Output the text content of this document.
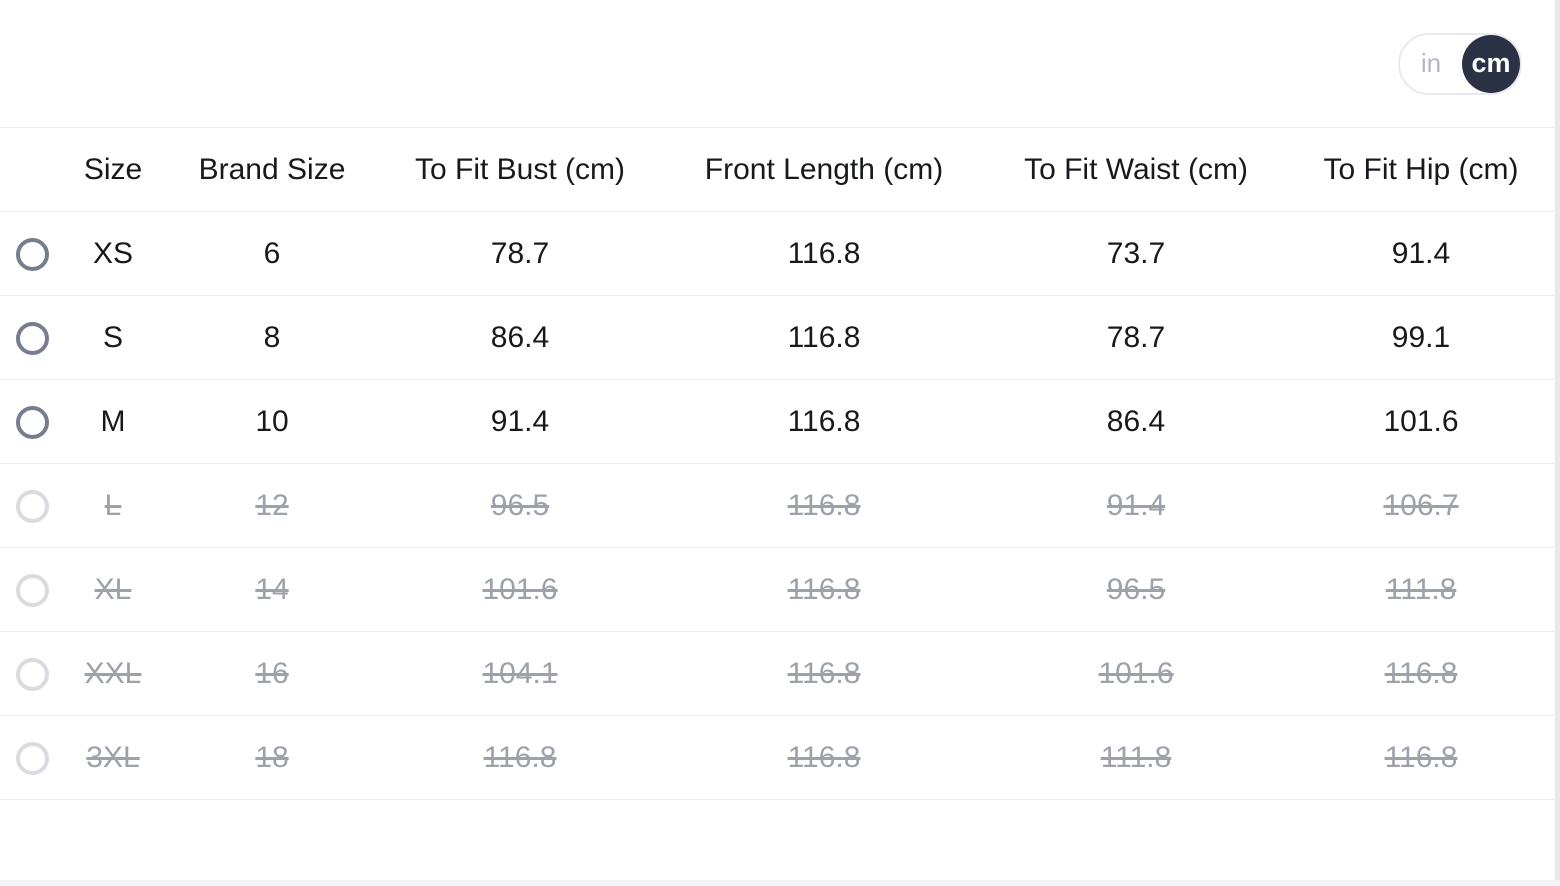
in	cm
	Size	Brand Size	To Fit Bust (cm)	Front Length (cm)	To Fit Waist (cm)	To Fit Hip (cm)
	XS	6	78.7	116.8	73.7	91.4
	S	8	86.4	116.8	78.7	99.1
	M	10	91.4	116.8	86.4	101.6
	L	12	96.5	116.8	91.4	106.7
	XL	14	101.6	116.8	96.5	111.8
	XXL	16	104.1	116.8	101.6	116.8
	3XL	18	116.8	116.8	111.8	116.8
